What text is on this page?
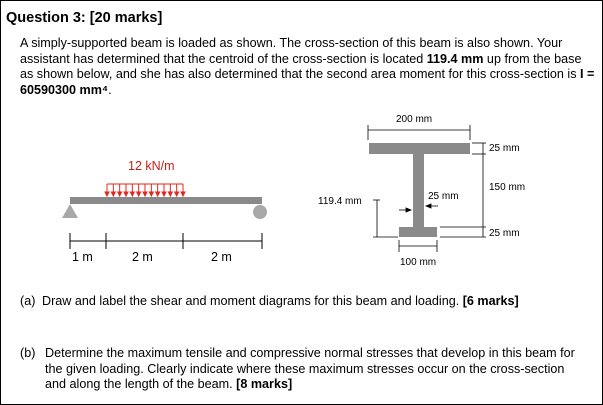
Question 3: [20 marks]
A simply-supported beam is loaded as shown. The cross-section of this beam is also shown. Your assistant has determined that the centroid of the cross-section is located 119.4 mm up from the base as shown below, and she has also determined that the second area moment for this cross-section is I = 60590300 mm⁴.
12 kN/m
1 m	2 m	2 m
200 mm
25 mm
150 mm
25 mm
25 mm
100 mm
119.4 mm
(a) Draw and label the shear and moment diagrams for this beam and loading. [6 marks]
(b) Determine the maximum tensile and compressive normal stresses that develop in this beam for the given loading. Clearly indicate where these maximum stresses occur on the cross-section and along the length of the beam. [8 marks]
